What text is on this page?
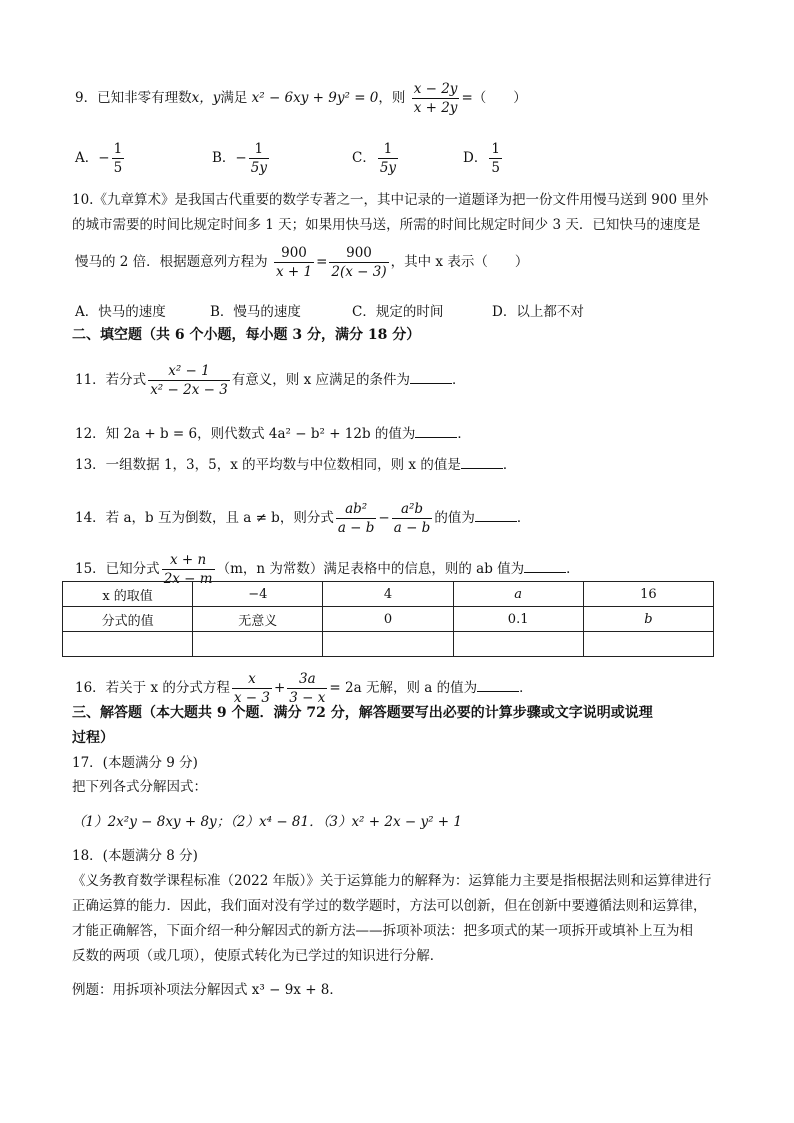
9．已知非零有理数x，y满足 x² − 6xy + 9y² = 0，则 $\frac{x - 2y}{x + 2y}$ =（　　）
A．− $\frac{1}{5}$	B．− $\frac{1}{5y}$	C． $\frac{1}{5y}$	D． $\frac{1}{5}$
10.《九章算术》是我国古代重要的数学专著之一，其中记录的一道题译为把一份文件用慢马送到 900 里外
的城市需要的时间比规定时间多 1 天；如果用快马送，所需的时间比规定时间少 3 天．已知快马的速度是
慢马的 2 倍．根据题意列方程为 $\frac{900}{x + 1} = \frac{900}{2(x - 3)}$ ，其中 x 表示（　　）
A．快马的速度	B．慢马的速度	C．规定的时间	D．以上都不对
二、填空题（共 6 个小题，每小题 3 分，满分 18 分）
11．若分式 $\frac{\text{x² − 1}}{\text{x² − 2x − 3}}$ 有意义，则 x 应满足的条件为	．
12．知 2a + b = 6，则代数式 4a² − b² + 12b 的值为	．
13．一组数据 1，3，5，x 的平均数与中位数相同，则 x 的值是	．
14．若 a，b 互为倒数，且 a ≠ b，则分式 $\frac{\text{ab²}}{a - b} - \frac{\text{a²b}}{a - b}$ 的值为	．
15．已知分式 $\frac{x + n}{2x - m} (m$，n 为常数）满足表格中的信息，则的 ab 值为	．
x 的取值	−4	4	a	16
分式的值	无意义	0	0.1	b

16．若关于 x 的分式方程 $\frac{x}{x - 3} + \frac{3a}{3 - x} = 2a$ 无解，则 a 的值为	．
三、解答题（本大题共 9 个题．满分 72 分，解答题要写出必要的计算步骤或文字说明或说理
过程）
17．(本题满分 9 分)
把下列各式分解因式：
（1）2x²y − 8xy + 8y；（2）x⁴ − 81．（3）x² + 2x − y² + 1
18．(本题满分 8 分)
《义务教育数学课程标准（2022 年版）》关于运算能力的解释为：运算能力主要是指根据法则和运算律进行
正确运算的能力．因此，我们面对没有学过的数学题时，方法可以创新，但在创新中要遵循法则和运算律，
才能正确解答，下面介绍一种分解因式的新方法——拆项补项法：把多项式的某一项拆开或填补上互为相
反数的两项（或几项），使原式转化为已学过的知识进行分解．
例题：用拆项补项法分解因式 x³ − 9x + 8．
